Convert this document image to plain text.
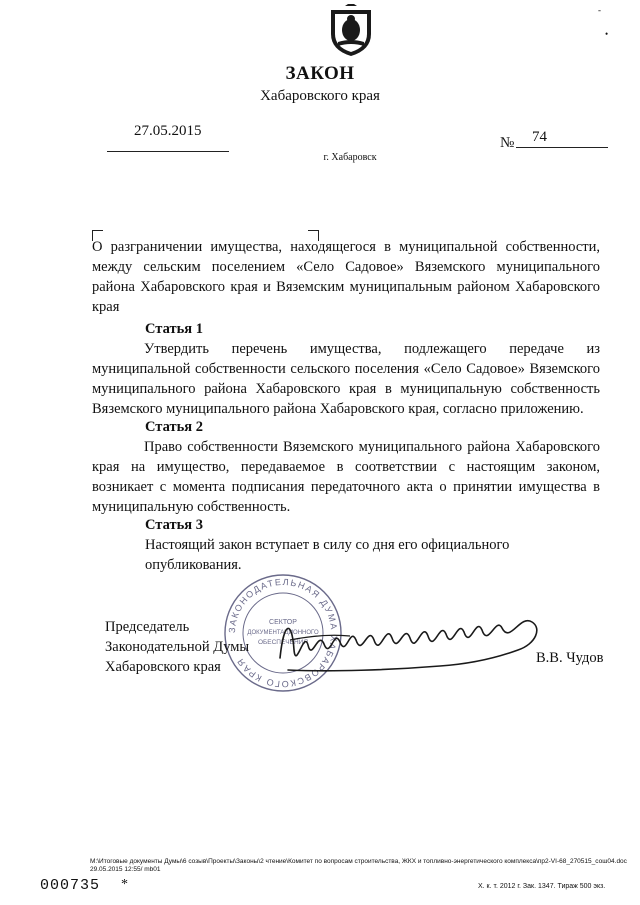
ЗАКОН
Хабаровского края
27.05.2015
№ 74
г. Хабаровск
О разграничении имущества, находящегося в муниципальной собственности, между сельским поселением «Село Садовое» Вяземского муниципального района Хабаровского края и Вяземским муниципальным районом Хабаровского края
Статья 1
Утвердить перечень имущества, подлежащего передаче из муниципальной собственности сельского поселения «Село Садовое» Вяземского муниципального района Хабаровского края в муниципальную собственность Вяземского муниципального района Хабаровского края, согласно приложению.
Статья 2
Право собственности Вяземского муниципального района Хабаровского края на имущество, передаваемое в соответствии с настоящим законом, возникает с момента подписания передаточного акта о принятии имущества в муниципальную собственность.
Статья 3
Настоящий закон вступает в силу со дня его официального опубликования.
ЗАКОНОДАТЕЛЬНАЯ ДУМА ХАБАРОВСКОГО КРАЯ
СЕКТОР
ДОКУМЕНТАЦИОННОГО
ОБЕСПЕЧЕНИЯ
Председатель
Законодательной Думы
Хабаровского края
В.В. Чудов
M:\Итоговые документы Думы\6 созыв\Проекты\Законы\2 чтение\Комитет по вопросам строительства, ЖКХ и топливно-энергетического комплекса\пр2-VI-68_270515_сош04.doc 29.05.2015 12:55/ mb01
000735 *	Х. к. т. 2012 г. Зак. 1347. Тираж 500 экз.
-
•
